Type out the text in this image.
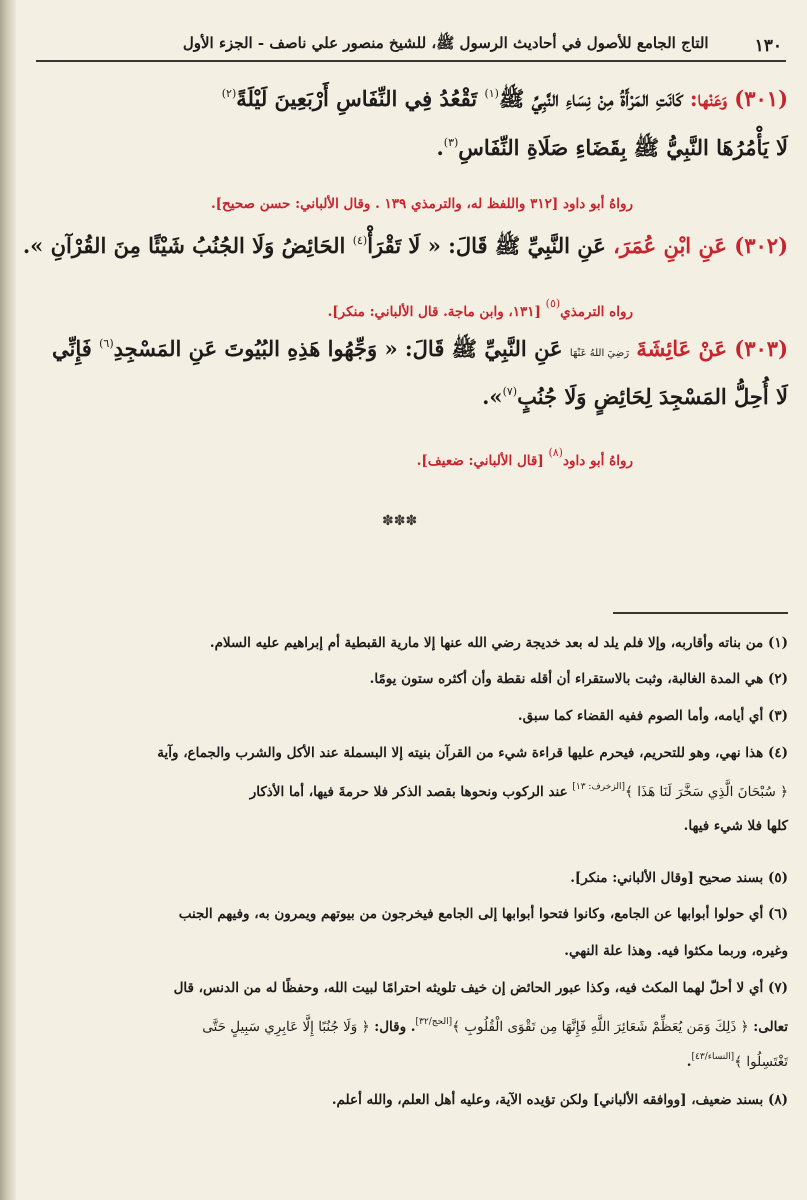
١٣٠
التاج الجامع للأصول في أحاديث الرسول ﷺ، للشيخ منصور علي ناصف - الجزء الأول
(٣٠١) وَعَنْها: كَانَتِ المَرْأَةُ مِنْ نِسَاءِ النَّبِيِّ ﷺ$^{(١)}$ تَقْعُدُ فِي النِّفَاسِ أَرْبَعِينَ لَيْلَةً$^{(٢)}$
لَا يَأْمُرُهَا النَّبِيُّ ﷺ بِقَضَاءِ صَلَاةِ النِّفَاسِ$^{(٣)}$.
رواهُ أبو داود [٣١٢ واللفظ له، والترمذي ١٣٩ . وقال الألباني: حسن صحيح].
(٣٠٢) عَنِ ابْنِ عُمَرَ، عَنِ النَّبِيِّ ﷺ قَالَ: « لَا تَقْرَأْ$^{(٤)}$ الحَائِضُ وَلَا الجُنُبُ شَيْئًا مِنَ القُرْآنِ ».
رواه الترمذي$^{(٥)}$ [١٣١، وابن ماجة. قال الألباني: منكر].
(٣٠٣) عَنْ عَائِشَةَ رَضِيَ اللهُ عَنْهَا عَنِ النَّبِيِّ ﷺ قَالَ: « وَجِّهُوا هَذِهِ البُيُوتَ عَنِ المَسْجِدِ$^{(٦)}$ فَإِنِّي
لَا أُحِلُّ المَسْجِدَ لِحَائِضٍ وَلَا جُنُبٍ$^{(٧)}$».
رواهُ أبو داود$^{(٨)}$ [قال الألباني: ضعيف].
✽✽✽
(١) من بناته وأقاربه، وإلا فلم يلد له بعد خديجة رضي الله عنها إلا مارية القبطية أم إبراهيم عليه السلام.
(٢) هي المدة الغالبة، وثبت بالاستقراء أن أقله نقطة وأن أكثره ستون يومًا.
(٣) أي أيامه، وأما الصوم ففيه القضاء كما سبق.
(٤) هذا نهي، وهو للتحريم، فيحرم عليها قراءة شيء من القرآن بنيته إلا البسملة عند الأكل والشرب والجماع، وآية
﴿ سُبْحَانَ الَّذِي سَخَّرَ لَنَا هَذَا ﴾[الزخرف: ١٣] عند الركوب ونحوها بقصد الذكر فلا حرمةَ فيها، أما الأذكار
كلها فلا شيء فيها.
(٥) بسند صحيح [وقال الألباني: منكر].
(٦) أي حولوا أبوابها عن الجامع، وكانوا فتحوا أبوابها إلى الجامع فيخرجون من بيوتهم ويمرون به، وفيهم الجنب
وغيره، وربما مكثوا فيه. وهذا علة النهي.
(٧) أي لا أحلّ لهما المكث فيه، وكذا عبور الحائض إن خيف تلويثه احترامًا لبيت الله، وحفظًا له من الدنس، قال
تعالى: ﴿ ذَلِكَ وَمَن يُعَظِّمْ شَعَائِرَ اللَّهِ فَإِنَّهَا مِن تَقْوَى الْقُلُوبِ ﴾[الحج/٣٢]. وقال: ﴿ وَلَا جُنُبًا إِلَّا عَابِرِي سَبِيلٍ حَتَّى
تَغْتَسِلُوا ﴾[النساء/٤٣].
(٨) بسند ضعيف، [ووافقه الألباني] ولكن تؤيده الآية، وعليه أهل العلم، والله أعلم.
